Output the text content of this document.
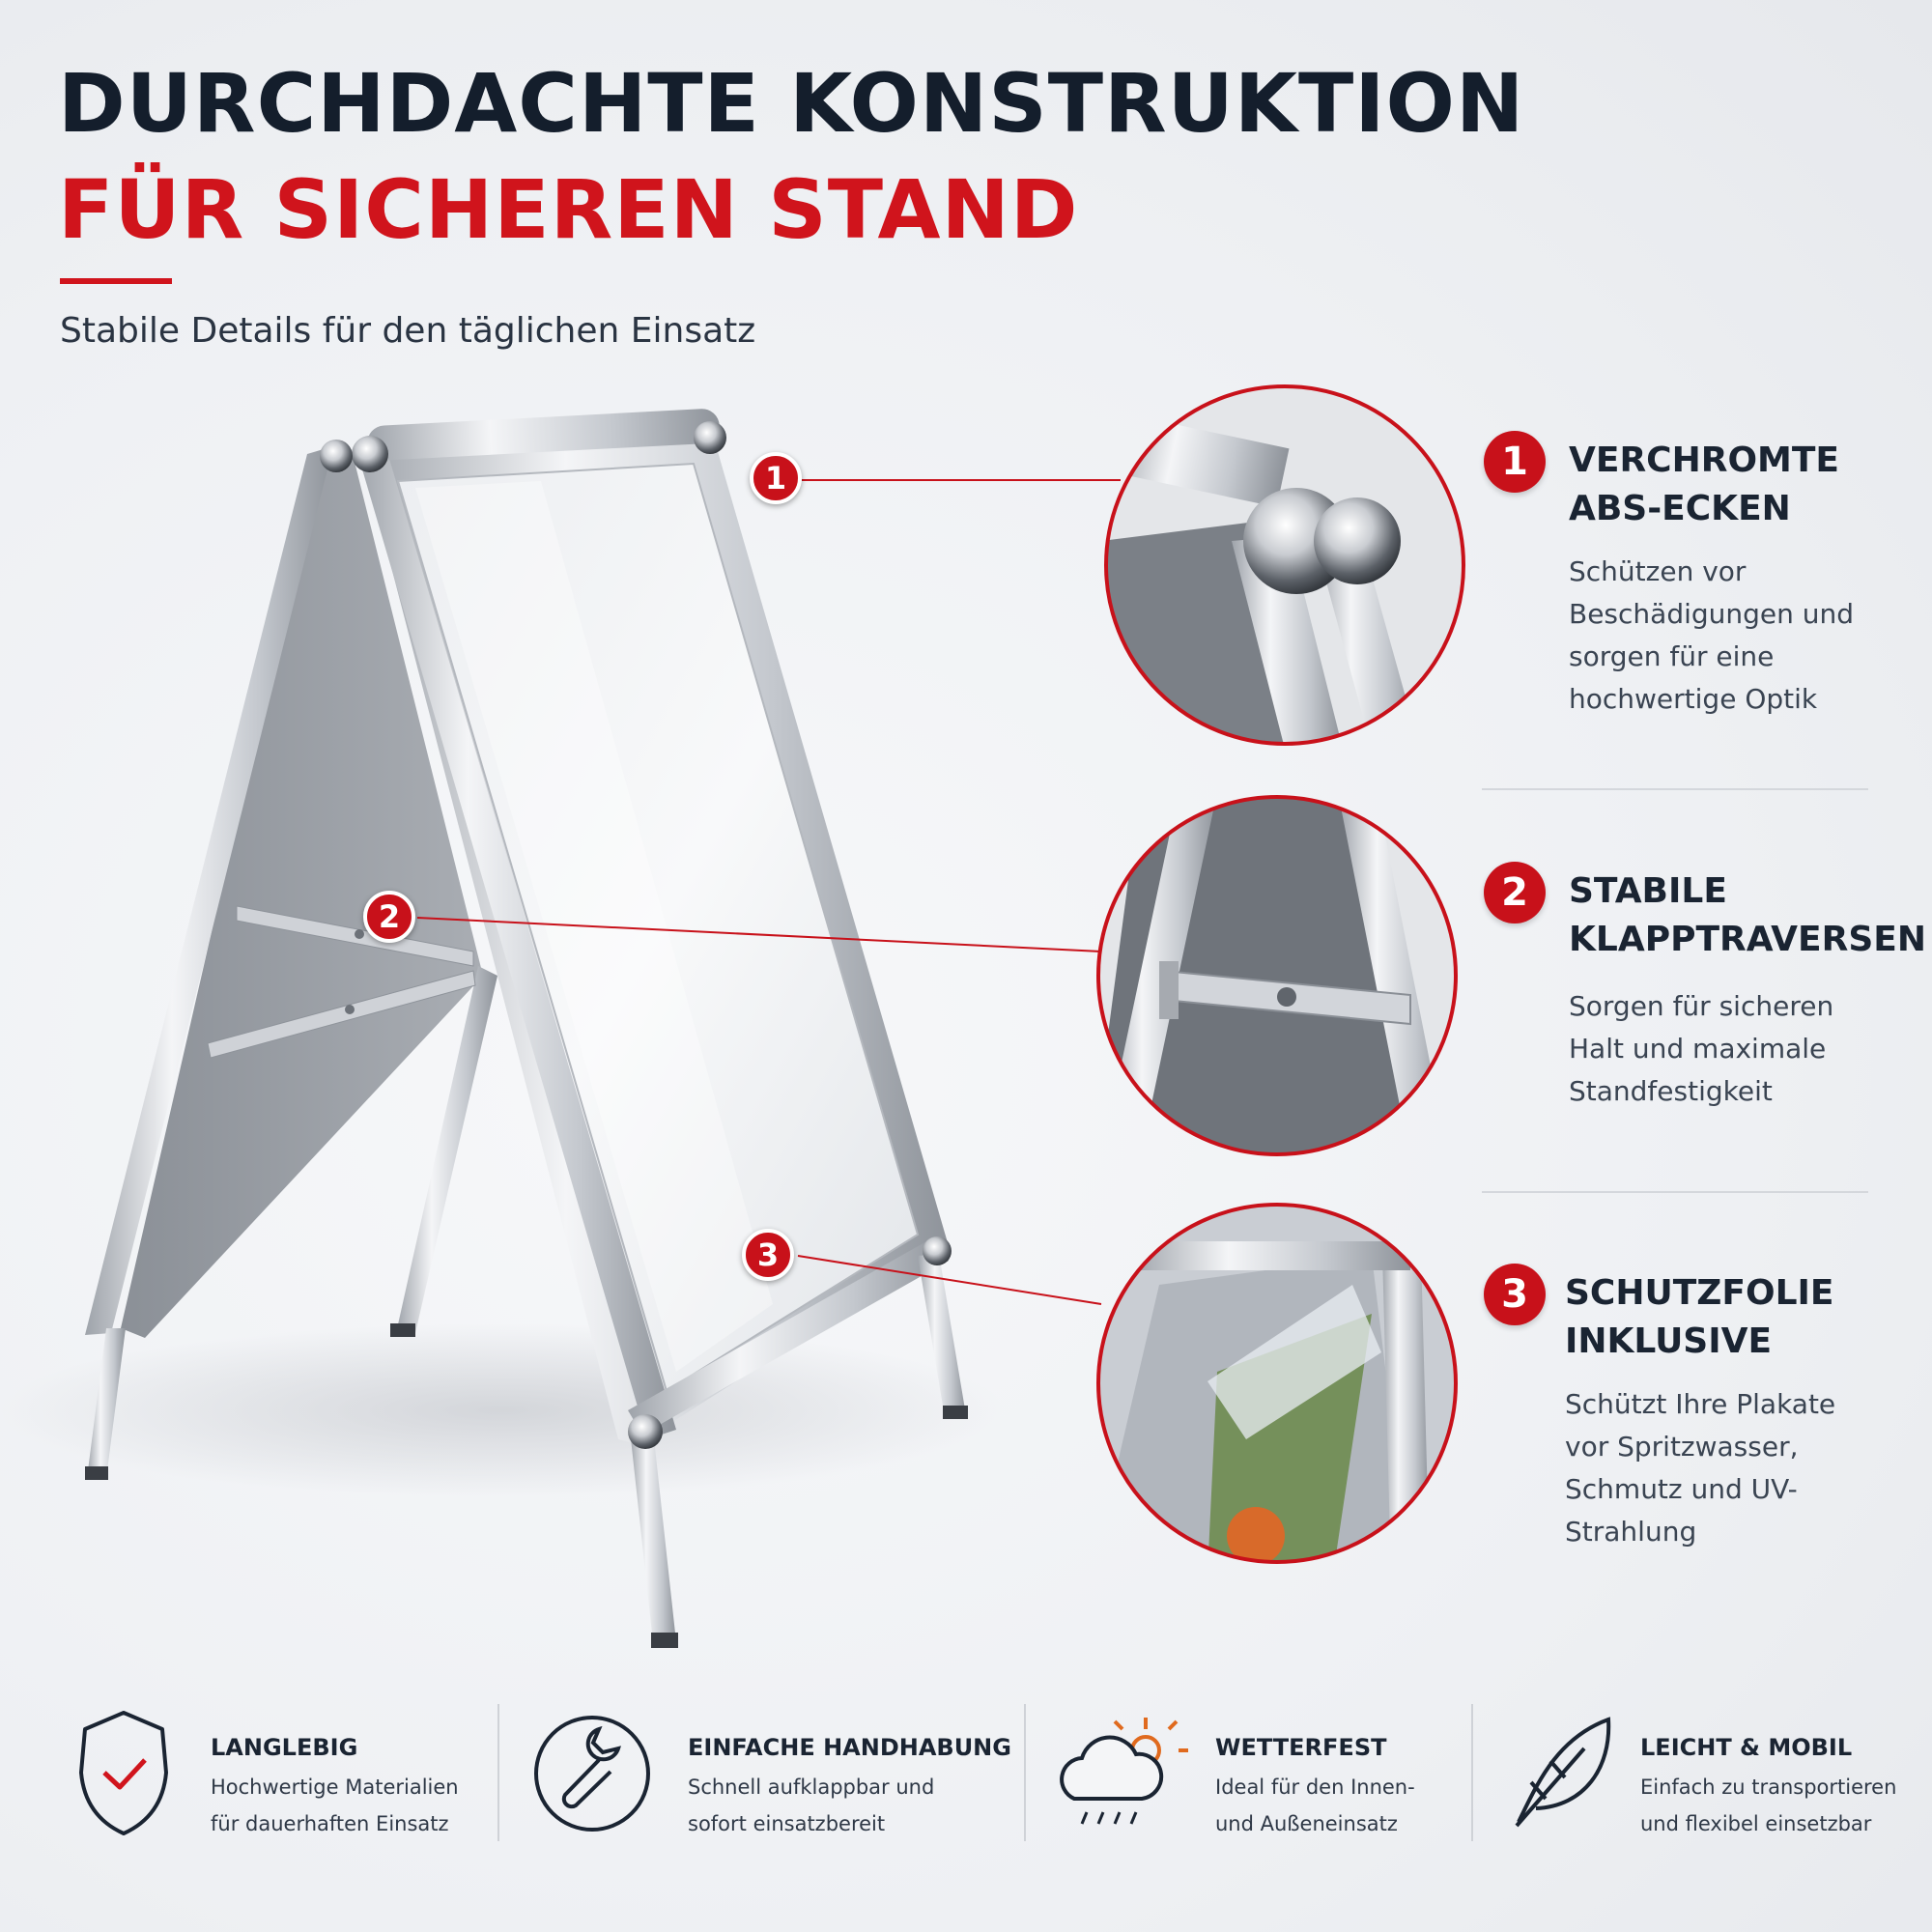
DURCHDACHTE KONSTRUKTION
FÜR SICHEREN STAND
Stabile Details für den täglichen Einsatz
1
2
3
1	VERCHROMTE
ABS-ECKEN
Schützen vor
Beschädigungen und
sorgen für eine
hochwertige Optik
2	STABILE
KLAPPTRAVERSEN
Sorgen für sicheren
Halt und maximale
Standfestigkeit
3	SCHUTZFOLIE
INKLUSIVE
Schützt Ihre Plakate
vor Spritzwasser,
Schmutz und UV-
Strahlung
LANGLEBIG
Hochwertige Materialien
für dauerhaften Einsatz
EINFACHE HANDHABUNG
Schnell aufklappbar und
sofort einsatzbereit
WETTERFEST
Ideal für den Innen-
und Außeneinsatz
LEICHT & MOBIL
Einfach zu transportieren
und flexibel einsetzbar
